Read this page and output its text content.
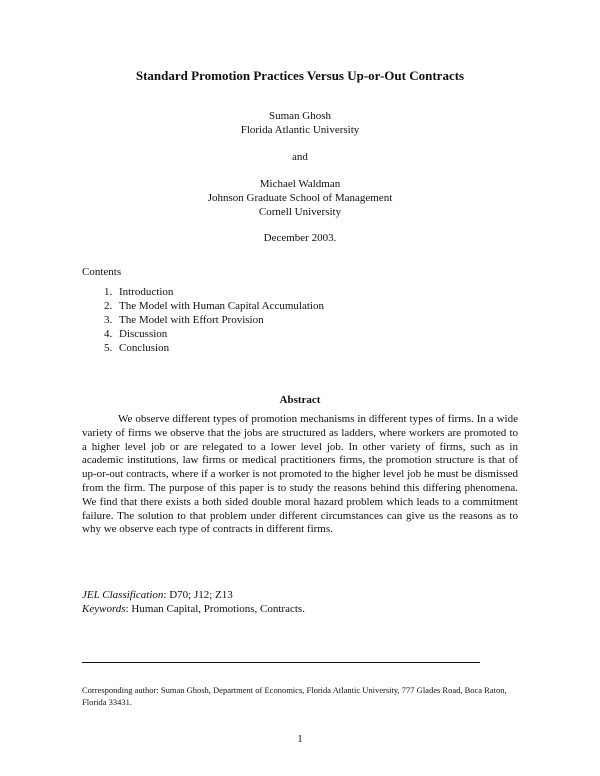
Standard Promotion Practices Versus Up-or-Out Contracts
Suman Ghosh
Florida Atlantic University
and
Michael Waldman
Johnson Graduate School of Management
Cornell University
December 2003.
Contents
1. Introduction
2. The Model with Human Capital Accumulation
3. The Model with Effort Provision
4. Discussion
5. Conclusion
Abstract

We observe different types of promotion mechanisms in different types of firms. In a wide variety of firms we observe that the jobs are structured as ladders, where workers are promoted to a higher level job or are relegated to a lower level job. In other variety of firms, such as in academic institutions, law firms or medical practitioners firms, the promotion structure is that of up-or-out contracts, where if a worker is not promoted to the higher level job he must be dismissed from the firm. The purpose of this paper is to study the reasons behind this differing phenomena. We find that there exists a both sided double moral hazard problem which leads to a commitment failure. The solution to that problem under different circumstances can give us the reasons as to why we observe each type of contracts in different firms.

JEL Classification: D70; J12; Z13
Keywords: Human Capital, Promotions, Contracts.

Corresponding author: Suman Ghosh, Department of Economics, Florida Atlantic University, 777 Glades Road, Boca Raton, Florida 33431.

1
